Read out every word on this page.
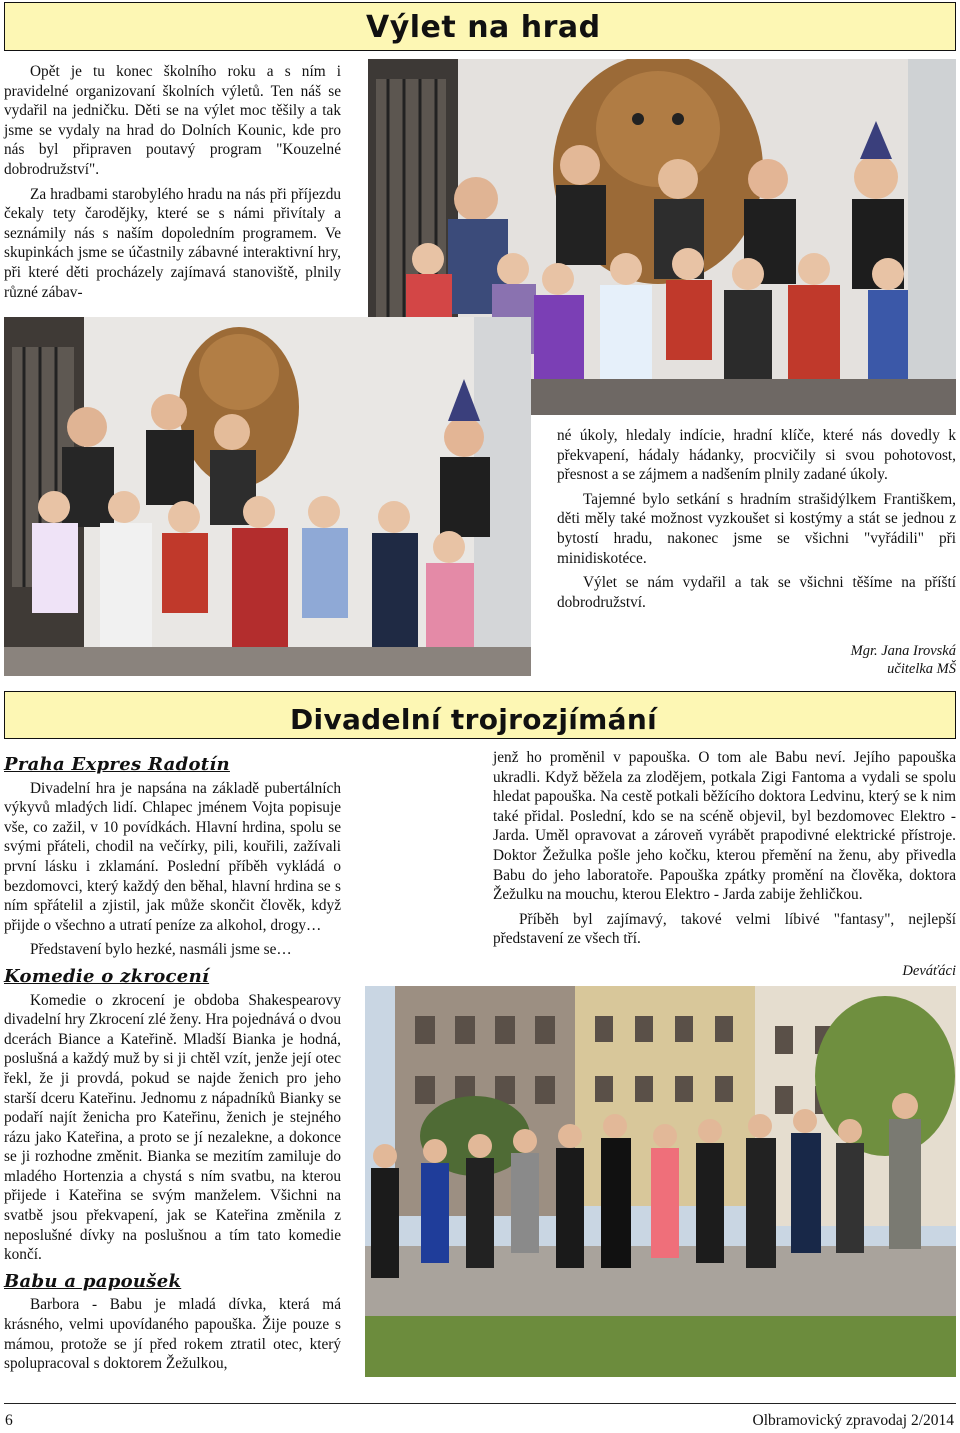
Výlet na hrad

Opět je tu konec školního roku a s ním i pravidelné organizovaní školních výletů. Ten náš se vydařil na jedničku. Děti se na výlet moc těšily a tak jsme se vydaly na hrad do Dolních Kounic, kde pro nás byl připraven poutavý program "Kouzelné dobrodružství".

Za hradbami starobylého hradu na nás při příjezdu čekaly tety čarodějky, které se s námi přivítaly a seznámily nás s naším dopoledním programem. Ve skupinkách jsme se účastnily zábavné interaktivní hry, při které děti procházely zajímavá stanoviště, plnily různé zábav-

né úkoly, hledaly indície, hradní klíče, které nás dovedly k překvapení, hádaly hádanky, procvičily si svou pohotovost, přesnost a se zájmem a nadšením plnily zadané úkoly.

Tajemné bylo setkání s hradním strašidýlkem Františkem, děti měly také možnost vyzkoušet si kostýmy a stát se jednou z bytostí hradu, nakonec jsme se všichni "vyřádili" při minidiskotéce.

Výlet se nám vydařil a tak se všichni těšíme na příští dobrodružství.

Mgr. Jana Irovská
učitelka MŠ
Divadelní trojrozjímání
Praha Expres Radotín

Divadelní hra je napsána na základě pubertálních výkyvů mladých lidí. Chlapec jménem Vojta popisuje vše, co zažil, v 10 povídkách. Hlavní hrdina, spolu se svými přáteli, chodil na večírky, pili, kouřili, zažívali první lásku i zklamání. Poslední příběh vykládá o bezdomovci, který každý den běhal, hlavní hrdina se s ním spřátelil a zjistil, jak může skončit člověk, když přijde o všechno a utratí peníze za alkohol, drogy…

Představení bylo hezké, nasmáli jsme se…

Komedie o zkrocení

Komedie o zkrocení je obdoba Shakespearovy divadelní hry Zkrocení zlé ženy. Hra pojednává o dvou dcerách Biance a Kateřině. Mladší Bianka je hodná, poslušná a každý muž by si ji chtěl vzít, jenže její otec řekl, že ji provdá, pokud se najde ženich pro jeho starší dceru Kateřinu. Jednomu z nápadníků Bianky se podaří najít ženicha pro Kateřinu, ženich je stejného rázu jako Kateřina, a proto se jí nezalekne, a dokonce se ji rozhodne změnit. Bianka se mezitím zamiluje do mladého Hortenzia a chystá s ním svatbu, na kterou přijede i Kateřina se svým manželem. Všichni na svatbě jsou překvapení, jak se Kateřina změnila z neposlušné dívky na poslušnou a tím tato komedie končí.

Babu a papoušek

Barbora - Babu je mladá dívka, která má krásného, velmi upovídaného papouška. Žije pouze s mámou, protože se jí před rokem ztratil otec, který spolupracoval s doktorem Žežulkou,

jenž ho proměnil v papouška. O tom ale Babu neví. Jejího papouška ukradli. Když běžela za zlodějem, potkala Zigi Fantoma a vydali se spolu hledat papouška. Na cestě potkali běžícího doktora Ledvinu, který se k nim také přidal. Poslední, kdo se na scéně objevil, byl bezdomovec Elektro - Jarda. Uměl opravovat a zároveň vyrábět prapodivné elektrické přístroje. Doktor Žežulka pošle jeho kočku, kterou přemění na ženu, aby přivedla Babu do jeho laboratoře. Papouška zpátky promění na člověka, doktora Žežulku na mouchu, kterou Elektro - Jarda zabije žehličkou.

Příběh byl zajímavý, takové velmi líbivé "fantasy", nejlepší představení ze všech tří.

Deváťáci
6	Olbramovický zpravodaj 2/2014
